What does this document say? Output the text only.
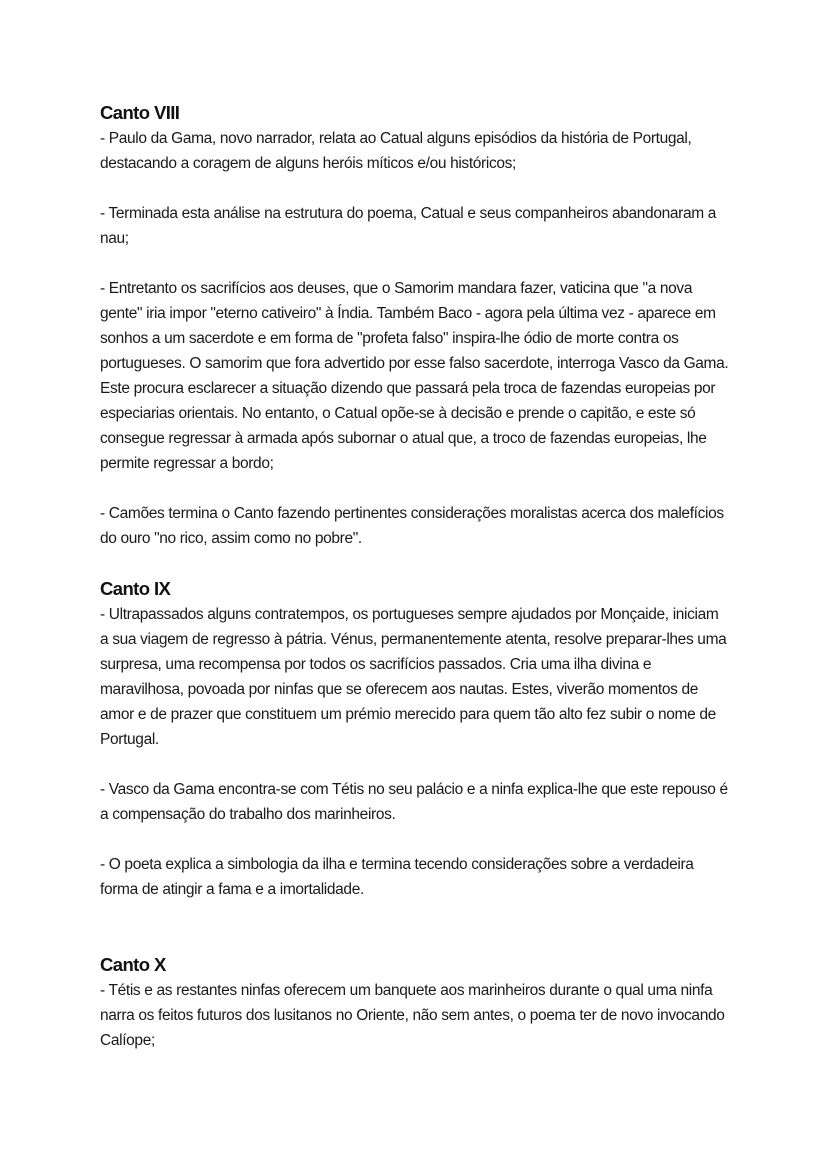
Canto VIII

- Paulo da Gama, novo narrador, relata ao Catual alguns episódios da história de Portugal, destacando a coragem de alguns heróis míticos e/ou históricos;

- Terminada esta análise na estrutura do poema, Catual e seus companheiros abandonaram a nau;

- Entretanto os sacrifícios aos deuses, que o Samorim mandara fazer, vaticina que "a nova gente" iria impor "eterno cativeiro" à Índia. Também Baco - agora pela última vez - aparece em sonhos a um sacerdote e em forma de "profeta falso" inspira-lhe ódio de morte contra os portugueses. O samorim que fora advertido por esse falso sacerdote, interroga Vasco da Gama. Este procura esclarecer a situação dizendo que passará pela troca de fazendas europeias por especiarias orientais. No entanto, o Catual opõe-se à decisão e prende o capitão, e este só consegue regressar à armada após subornar o atual que, a troco de fazendas europeias, lhe permite regressar a bordo;

- Camões termina o Canto fazendo pertinentes considerações moralistas acerca dos malefícios do ouro "no rico, assim como no pobre".

Canto IX

- Ultrapassados alguns contratempos, os portugueses sempre ajudados por Monçaide, iniciam a sua viagem de regresso à pátria. Vénus, permanentemente atenta, resolve preparar-lhes uma surpresa, uma recompensa por todos os sacrifícios passados. Cria uma ilha divina e maravilhosa, povoada por ninfas que se oferecem aos nautas. Estes, viverão momentos de amor e de prazer que constituem um prémio merecido para quem tão alto fez subir o nome de Portugal.

- Vasco da Gama encontra-se com Tétis no seu palácio e a ninfa explica-lhe que este repouso é a compensação do trabalho dos marinheiros.

- O poeta explica a simbologia da ilha e termina tecendo considerações sobre a verdadeira forma de atingir a fama e a imortalidade.

Canto X

- Tétis e as restantes ninfas oferecem um banquete aos marinheiros durante o qual uma ninfa narra os feitos futuros dos lusitanos no Oriente, não sem antes, o poema ter de novo invocando Calíope;
